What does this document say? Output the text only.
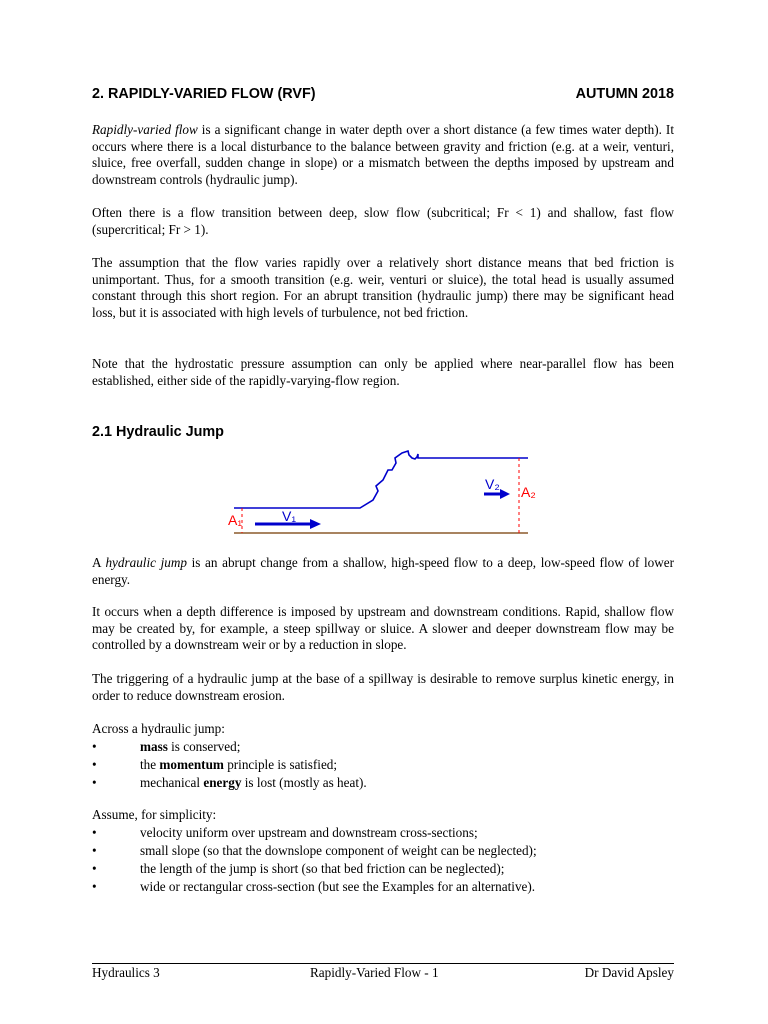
2. RAPIDLY-VARIED FLOW (RVF)	AUTUMN 2018

Rapidly-varied flow is a significant change in water depth over a short distance (a few times water depth). It occurs where there is a local disturbance to the balance between gravity and friction (e.g. at a weir, venturi, sluice, free overfall, sudden change in slope) or a mismatch between the depths imposed by upstream and downstream controls (hydraulic jump).

Often there is a flow transition between deep, slow flow (subcritical; Fr < 1) and shallow, fast flow (supercritical; Fr > 1).

The assumption that the flow varies rapidly over a relatively short distance means that bed friction is unimportant. Thus, for a smooth transition (e.g. weir, venturi or sluice), the total head is usually assumed constant through this short region. For an abrupt transition (hydraulic jump) there may be significant head loss, but it is associated with high levels of turbulence, not bed friction.

Note that the hydrostatic pressure assumption can only be applied where near-parallel flow has been established, either side of the rapidly-varying-flow region.

2.1 Hydraulic Jump
A₁	V₁
V₂ A₂

A hydraulic jump is an abrupt change from a shallow, high-speed flow to a deep, low-speed flow of lower energy.

It occurs when a depth difference is imposed by upstream and downstream conditions. Rapid, shallow flow may be created by, for example, a steep spillway or sluice. A slower and deeper downstream flow may be controlled by a downstream weir or by a reduction in slope.

The triggering of a hydraulic jump at the base of a spillway is desirable to remove surplus kinetic energy, in order to reduce downstream erosion.

Across a hydraulic jump:

•	mass is conserved;
•	the momentum principle is satisfied;
•	mechanical energy is lost (mostly as heat).

Assume, for simplicity:

•	velocity uniform over upstream and downstream cross-sections;
•	small slope (so that the downslope component of weight can be neglected);
•	the length of the jump is short (so that bed friction can be neglected);
•	wide or rectangular cross-section (but see the Examples for an alternative).
Hydraulics 3	Rapidly-Varied Flow - 1	Dr David Apsley
